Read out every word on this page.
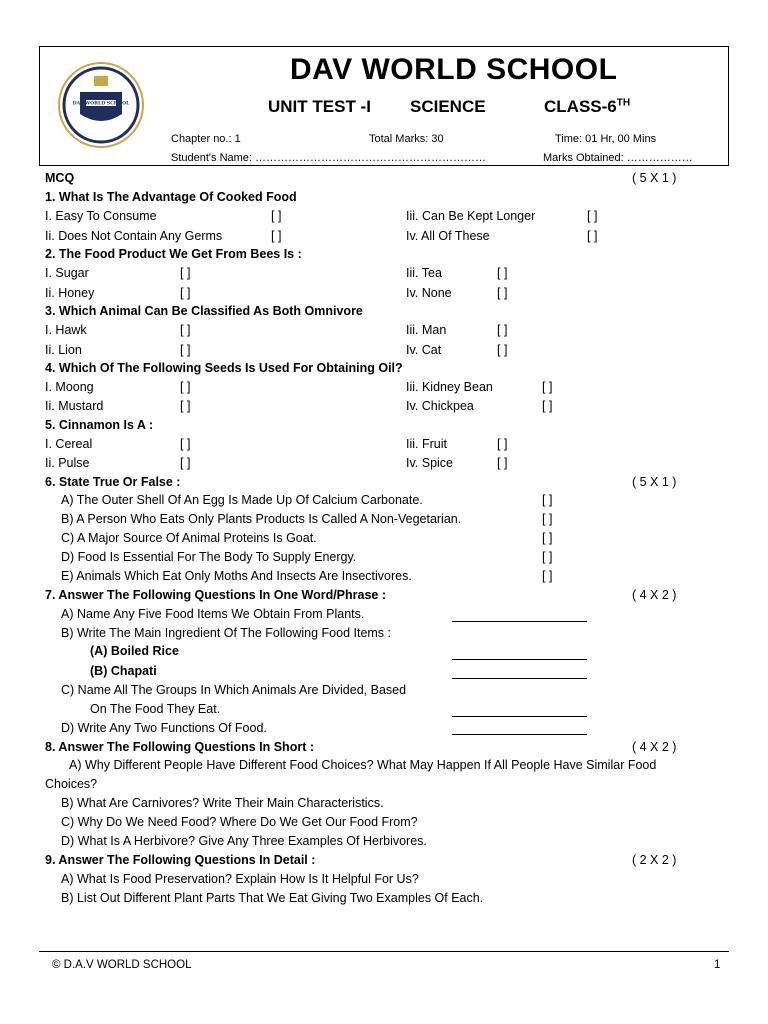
DAV WORLD SCHOOL
DAV WORLD SCHOOL
UNIT TEST -I SCIENCE	CLASS-6TH
Chapter no.: 1	Total Marks: 30	Time: 01 Hr, 00 Mins
Student's Name: ………………………………………………………	Marks Obtained: ………………
MCQ	( 5 X 1 )
1. What Is The Advantage Of Cooked Food
I. Easy To Consume	[ ]	Iii. Can Be Kept Longer	[ ]
Ii. Does Not Contain Any Germs	[ ]	Iv. All Of These	[ ]
2. The Food Product We Get From Bees Is :
I. Sugar	[ ]	Iii. Tea	[ ]
Ii. Honey	[ ]	Iv. None	[ ]
3. Which Animal Can Be Classified As Both Omnivore
I. Hawk	[ ]	Iii. Man	[ ]
Ii. Lion	[ ]	Iv. Cat	[ ]
4. Which Of The Following Seeds Is Used For Obtaining Oil?
I. Moong	[ ]	Iii. Kidney Bean	[ ]
Ii. Mustard	[ ]	Iv. Chickpea	[ ]
5. Cinnamon Is A :
I. Cereal	[ ]	Iii. Fruit	[ ]
Ii. Pulse	[ ]	Iv. Spice	[ ]
6. State True Or False :	( 5 X 1 )
A) The Outer Shell Of An Egg Is Made Up Of Calcium Carbonate.	[ ]
B) A Person Who Eats Only Plants Products Is Called A Non-Vegetarian.	[ ]
C) A Major Source Of Animal Proteins Is Goat.	[ ]
D) Food Is Essential For The Body To Supply Energy.	[ ]
E) Animals Which Eat Only Moths And Insects Are Insectivores.	[ ]
7. Answer The Following Questions In One Word/Phrase :	( 4 X 2 )
A) Name Any Five Food Items We Obtain From Plants.
B) Write The Main Ingredient Of The Following Food Items :
(A) Boiled Rice
(B) Chapati
C) Name All The Groups In Which Animals Are Divided, Based
On The Food They Eat.
D) Write Any Two Functions Of Food.
8. Answer The Following Questions In Short :	( 4 X 2 )
A) Why Different People Have Different Food Choices? What May Happen If All People Have Similar Food
Choices?
B) What Are Carnivores? Write Their Main Characteristics.
C) Why Do We Need Food? Where Do We Get Our Food From?
D) What Is A Herbivore? Give Any Three Examples Of Herbivores.
9. Answer The Following Questions In Detail :	( 2 X 2 )
A) What Is Food Preservation? Explain How Is It Helpful For Us?
B) List Out Different Plant Parts That We Eat Giving Two Examples Of Each.
© D.A.V WORLD SCHOOL	1
